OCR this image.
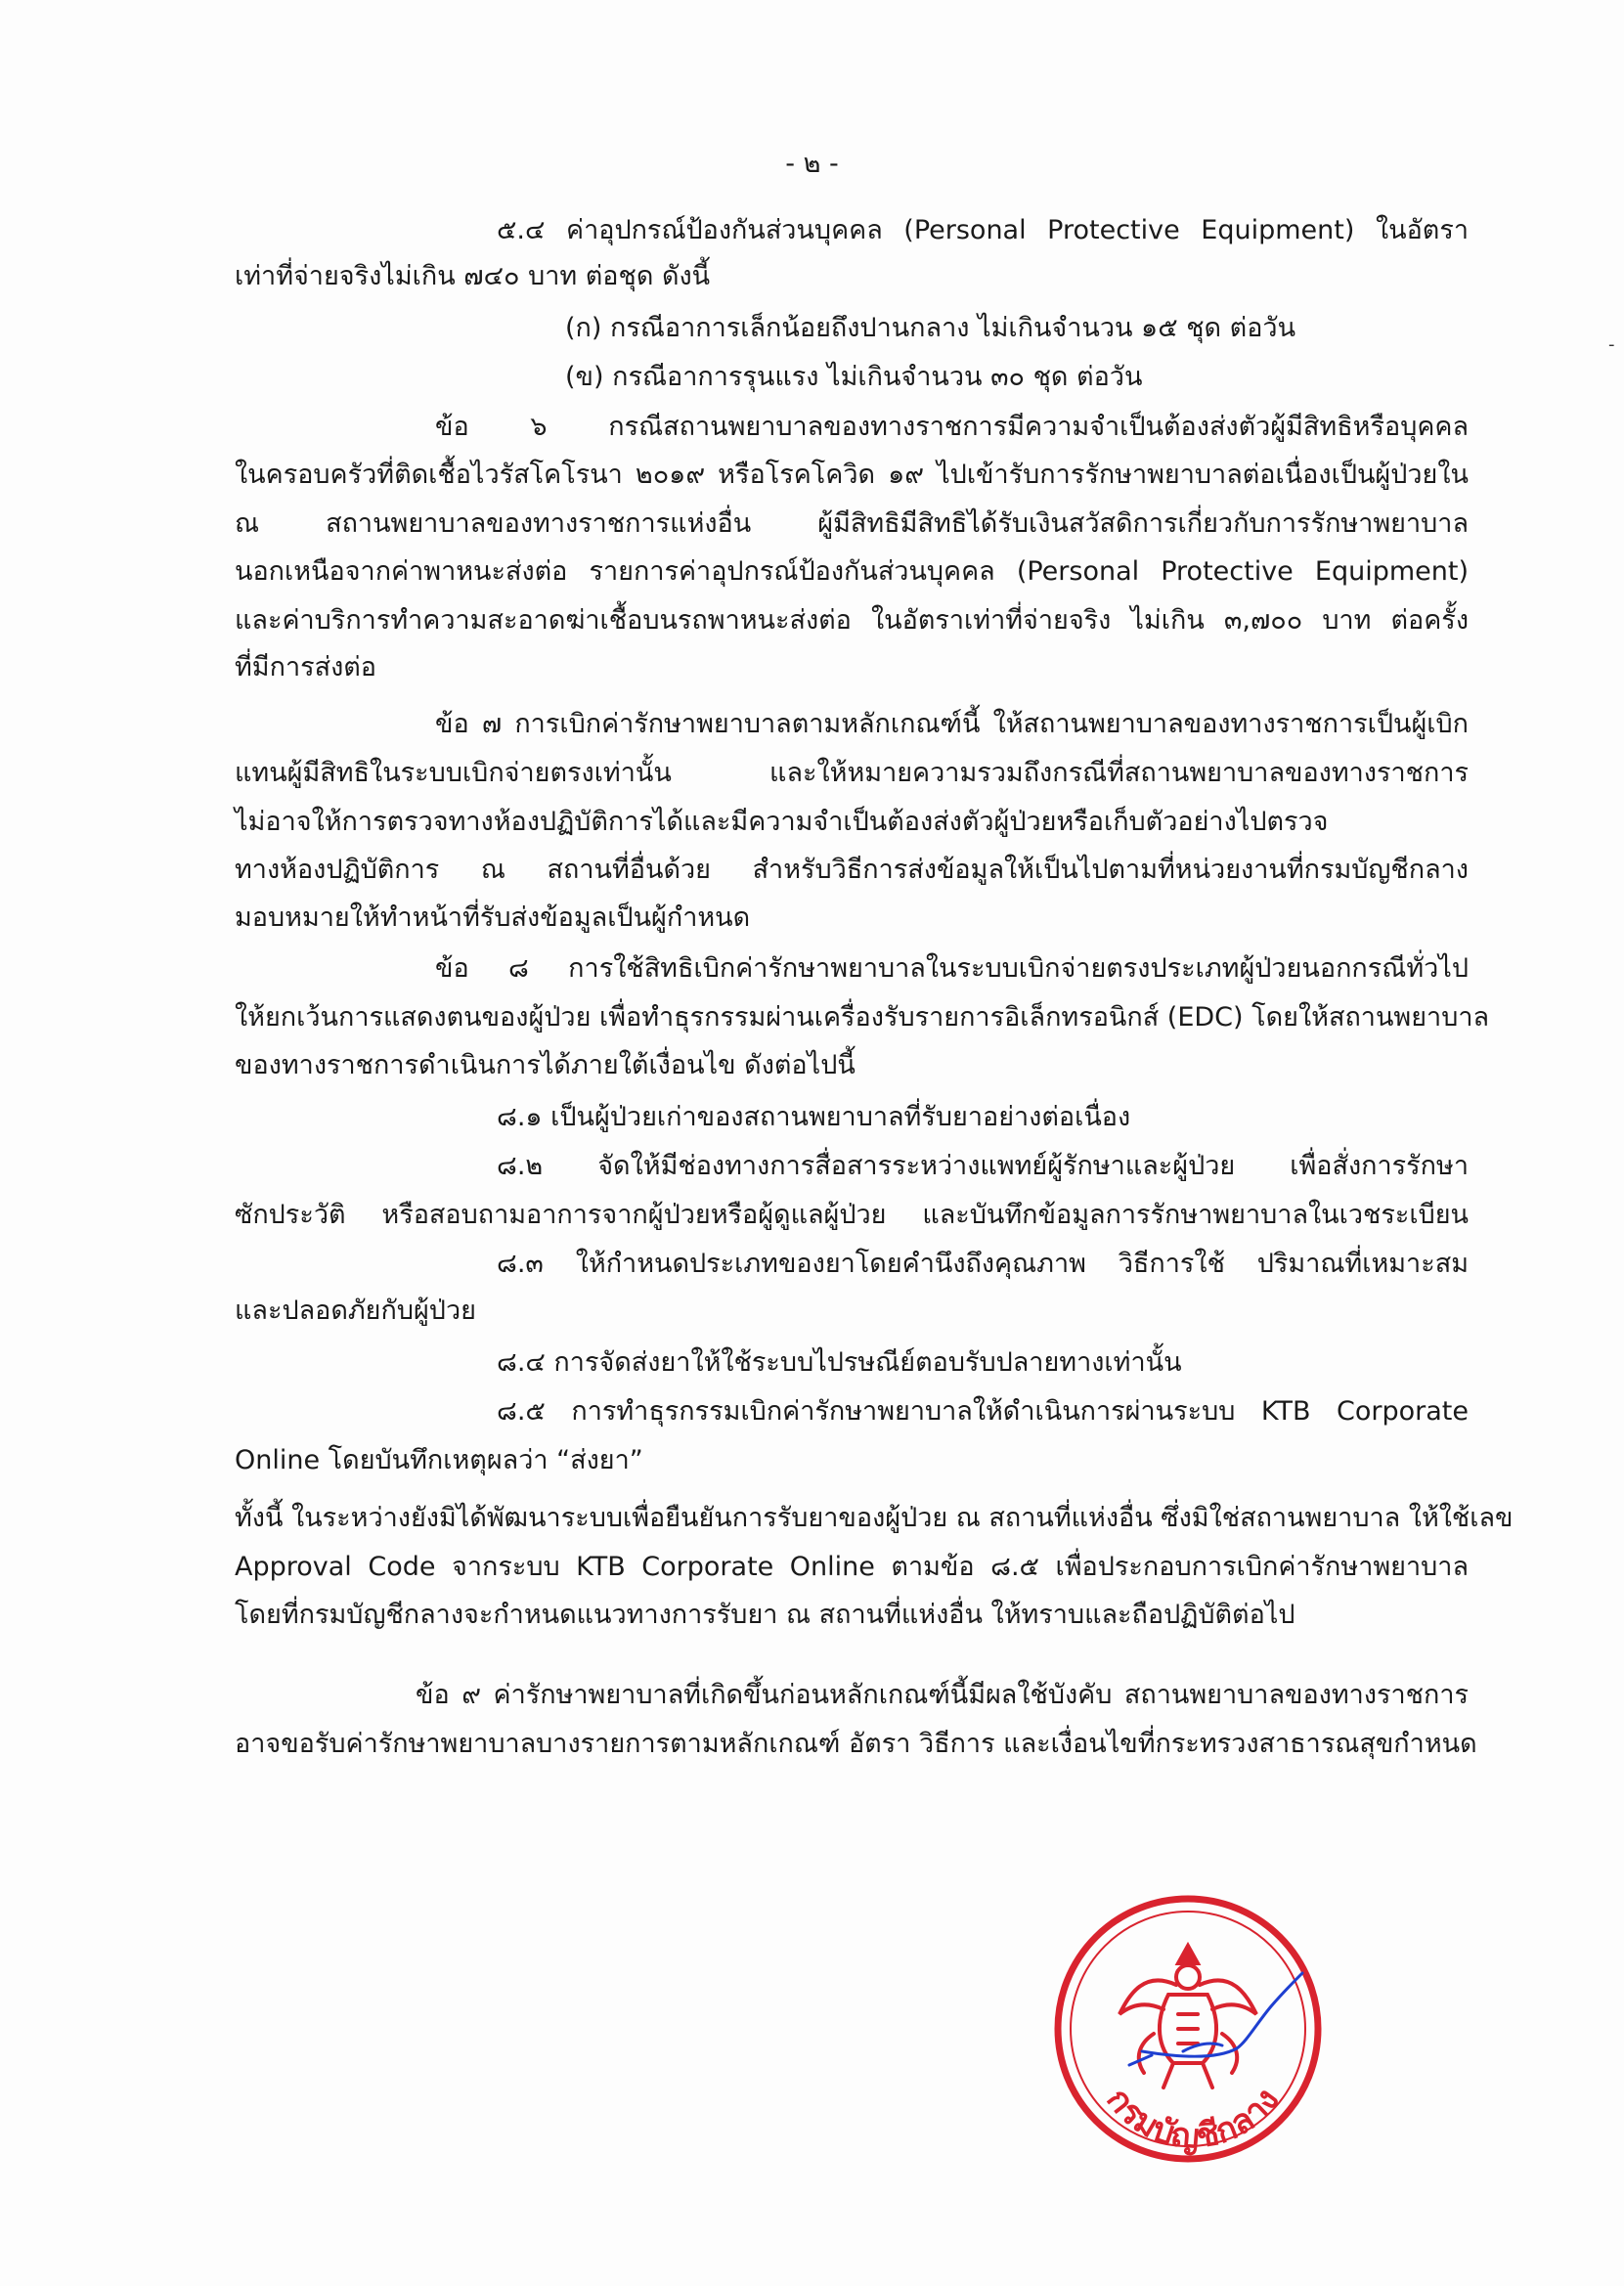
- ๒ -
-
๕.๔ ค่าอุปกรณ์ป้องกันส่วนบุคคล (Personal Protective Equipment) ในอัตรา
เท่าที่จ่ายจริงไม่เกิน ๗๔๐ บาท ต่อชุด ดังนี้
(ก) กรณีอาการเล็กน้อยถึงปานกลาง ไม่เกินจำนวน ๑๕ ชุด ต่อวัน
(ข) กรณีอาการรุนแรง ไม่เกินจำนวน ๓๐ ชุด ต่อวัน
ข้อ ๖ กรณีสถานพยาบาลของทางราชการมีความจำเป็นต้องส่งตัวผู้มีสิทธิหรือบุคคล
ในครอบครัวที่ติดเชื้อไวรัสโคโรนา ๒๐๑๙ หรือโรคโควิด ๑๙ ไปเข้ารับการรักษาพยาบาลต่อเนื่องเป็นผู้ป่วยใน
ณ สถานพยาบาลของทางราชการแห่งอื่น ผู้มีสิทธิมีสิทธิได้รับเงินสวัสดิการเกี่ยวกับการรักษาพยาบาล
นอกเหนือจากค่าพาหนะส่งต่อ รายการค่าอุปกรณ์ป้องกันส่วนบุคคล (Personal Protective Equipment)
และค่าบริการทำความสะอาดฆ่าเชื้อบนรถพาหนะส่งต่อ ในอัตราเท่าที่จ่ายจริง ไม่เกิน ๓,๗๐๐ บาท ต่อครั้ง
ที่มีการส่งต่อ
ข้อ ๗ การเบิกค่ารักษาพยาบาลตามหลักเกณฑ์นี้ ให้สถานพยาบาลของทางราชการเป็นผู้เบิก
แทนผู้มีสิทธิในระบบเบิกจ่ายตรงเท่านั้น และให้หมายความรวมถึงกรณีที่สถานพยาบาลของทางราชการ
ไม่อาจให้การตรวจทางห้องปฏิบัติการได้และมีความจำเป็นต้องส่งตัวผู้ป่วยหรือเก็บตัวอย่างไปตรวจ
ทางห้องปฏิบัติการ ณ สถานที่อื่นด้วย สำหรับวิธีการส่งข้อมูลให้เป็นไปตามที่หน่วยงานที่กรมบัญชีกลาง
มอบหมายให้ทำหน้าที่รับส่งข้อมูลเป็นผู้กำหนด
ข้อ ๘ การใช้สิทธิเบิกค่ารักษาพยาบาลในระบบเบิกจ่ายตรงประเภทผู้ป่วยนอกกรณีทั่วไป
ให้ยกเว้นการแสดงตนของผู้ป่วย เพื่อทำธุรกรรมผ่านเครื่องรับรายการอิเล็กทรอนิกส์ (EDC) โดยให้สถานพยาบาล
ของทางราชการดำเนินการได้ภายใต้เงื่อนไข ดังต่อไปนี้
๘.๑ เป็นผู้ป่วยเก่าของสถานพยาบาลที่รับยาอย่างต่อเนื่อง
๘.๒ จัดให้มีช่องทางการสื่อสารระหว่างแพทย์ผู้รักษาและผู้ป่วย เพื่อสั่งการรักษา
ซักประวัติ หรือสอบถามอาการจากผู้ป่วยหรือผู้ดูแลผู้ป่วย และบันทึกข้อมูลการรักษาพยาบาลในเวชระเบียน
๘.๓ ให้กำหนดประเภทของยาโดยคำนึงถึงคุณภาพ วิธีการใช้ ปริมาณที่เหมาะสม
และปลอดภัยกับผู้ป่วย
๘.๔ การจัดส่งยาให้ใช้ระบบไปรษณีย์ตอบรับปลายทางเท่านั้น
๘.๕ การทำธุรกรรมเบิกค่ารักษาพยาบาลให้ดำเนินการผ่านระบบ KTB Corporate
Online โดยบันทึกเหตุผลว่า “ส่งยา”
ทั้งนี้ ในระหว่างยังมิได้พัฒนาระบบเพื่อยืนยันการรับยาของผู้ป่วย ณ สถานที่แห่งอื่น ซึ่งมิใช่สถานพยาบาล ให้ใช้เลข
Approval Code จากระบบ KTB Corporate Online ตามข้อ ๘.๕ เพื่อประกอบการเบิกค่ารักษาพยาบาล
โดยที่กรมบัญชีกลางจะกำหนดแนวทางการรับยา ณ สถานที่แห่งอื่น ให้ทราบและถือปฏิบัติต่อไป
ข้อ ๙ ค่ารักษาพยาบาลที่เกิดขึ้นก่อนหลักเกณฑ์นี้มีผลใช้บังคับ สถานพยาบาลของทางราชการ
อาจขอรับค่ารักษาพยาบาลบางรายการตามหลักเกณฑ์ อัตรา วิธีการ และเงื่อนไขที่กระทรวงสาธารณสุขกำหนด
กรมบัญชีกลาง
